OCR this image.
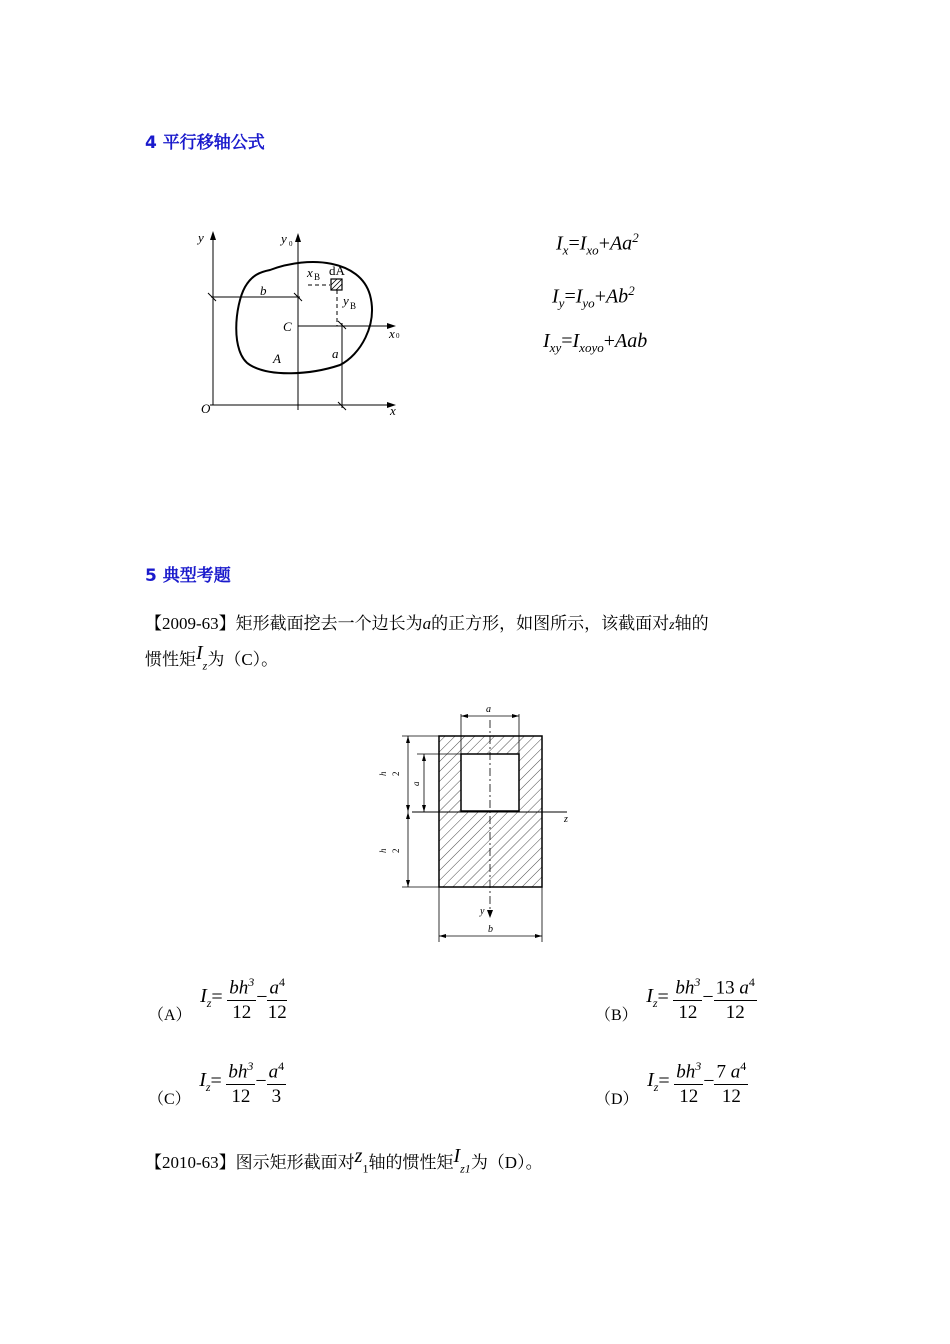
4 平行移轴公式
y	y 0
x B dA
b
y B
C	x 0
A	a
O	x
$I_x=I_{xo}+Aa^2$
$I_y=I_{yo}+Ab^2$
$I_{xy}=I_{xoyo}+Aab$
5 典型考题
【2009-63】矩形截面挖去一个边长为a的正方形，如图所示，该截面对z轴的
惯性矩$I_z$为（C）。
a
h 2
a
z
h 2
y
b
（A） $I_z= \frac{bh^3}{12} - \frac{a^4}{12}$	（B） $I_z= \frac{bh^3}{12} - \frac{13 a^4}{12}$
（C） $I_z= \frac{bh^3}{12} - \frac{a^4}{3}$	（D） $I_z= \frac{bh^3}{12} - \frac{7 a^4}{12}$
【2010-63】图示矩形截面对$z_1$轴的惯性矩$I_{z1}$为（D）。
